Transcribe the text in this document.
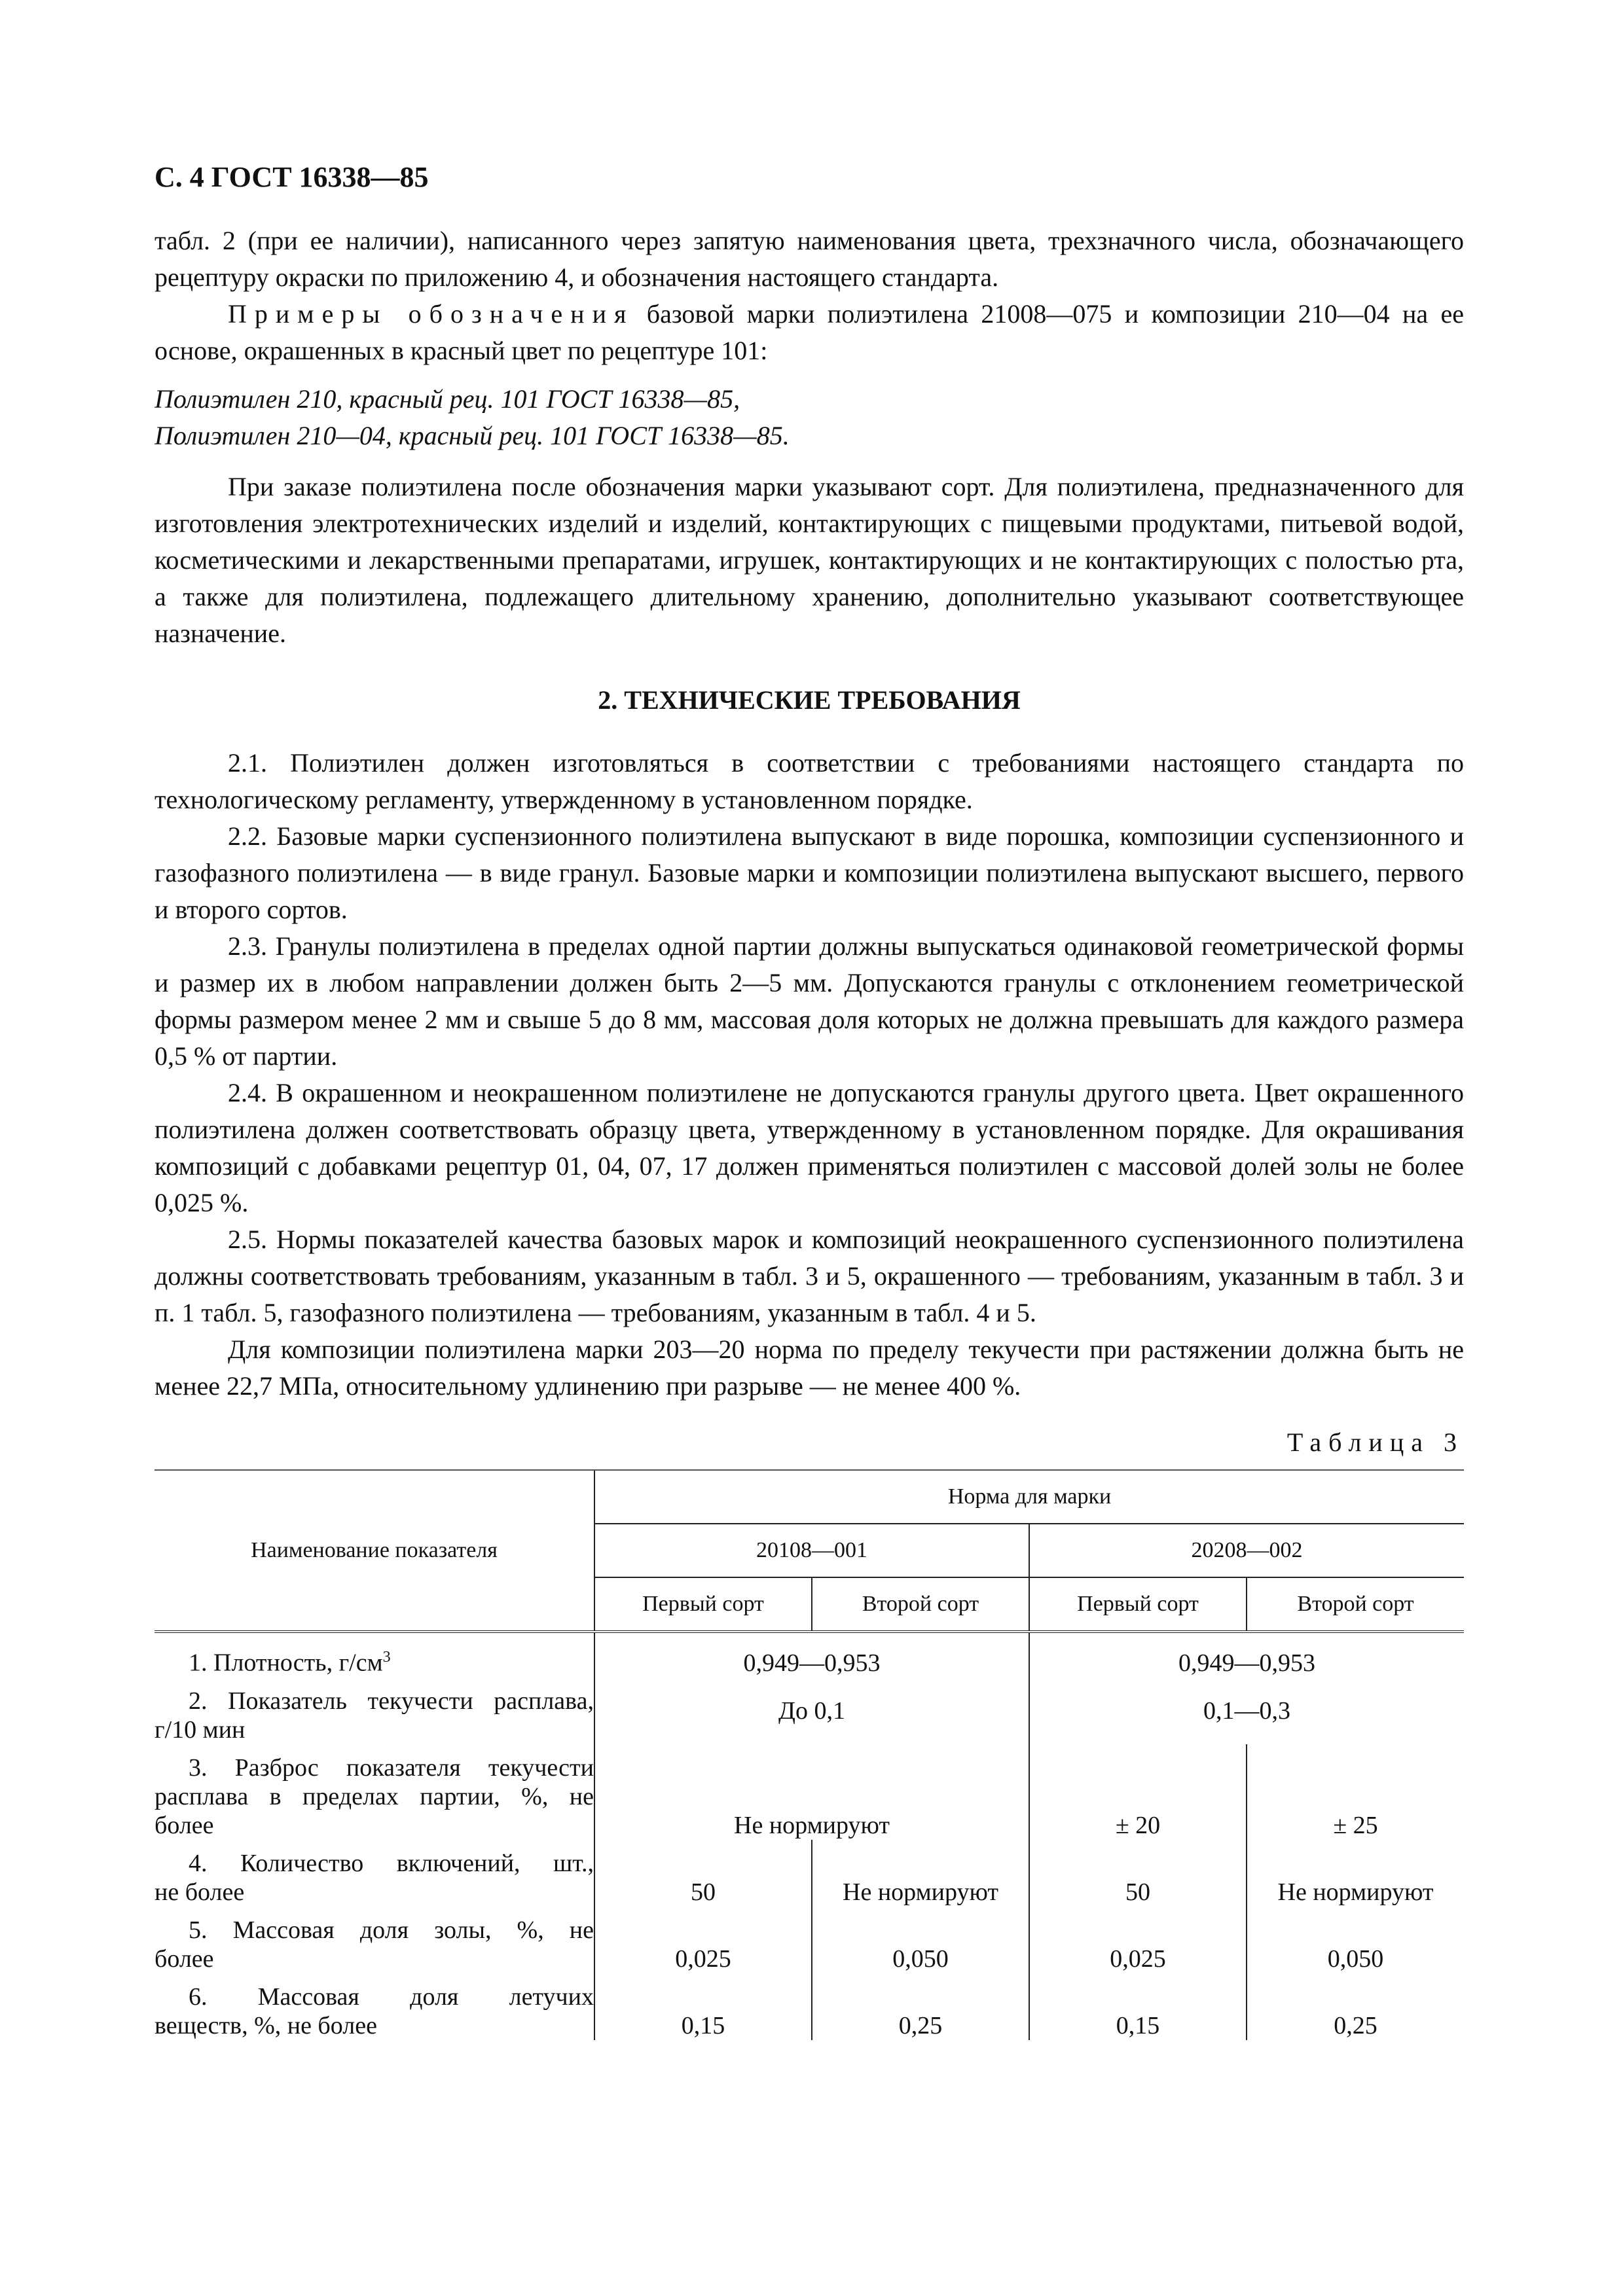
С. 4 ГОСТ 16338—85

табл. 2 (при ее наличии), написанного через запятую наименования цвета, трехзначного числа, обозначающего рецептуру окраски по приложению 4, и обозначения настоящего стандарта.

Примеры обозначения базовой марки полиэтилена 21008—075 и композиции 210—04 на ее основе, окрашенных в красный цвет по рецептуре 101:

Полиэтилен 210, красный рец. 101 ГОСТ 16338—85,

Полиэтилен 210—04, красный рец. 101 ГОСТ 16338—85.

При заказе полиэтилена после обозначения марки указывают сорт. Для полиэтилена, предназначенного для изготовления электротехнических изделий и изделий, контактирующих с пищевыми продуктами, питьевой водой, косметическими и лекарственными препаратами, игрушек, контактирующих и не контактирующих с полостью рта, а также для полиэтилена, подлежащего длительному хранению, дополнительно указывают соответствующее назначение.

2. ТЕХНИЧЕСКИЕ ТРЕБОВАНИЯ

2.1. Полиэтилен должен изготовляться в соответствии с требованиями настоящего стандарта по технологическому регламенту, утвержденному в установленном порядке.

2.2. Базовые марки суспензионного полиэтилена выпускают в виде порошка, композиции суспензионного и газофазного полиэтилена — в виде гранул. Базовые марки и композиции полиэтилена выпускают высшего, первого и второго сортов.

2.3. Гранулы полиэтилена в пределах одной партии должны выпускаться одинаковой геометрической формы и размер их в любом направлении должен быть 2—5 мм. Допускаются гранулы с отклонением геометрической формы размером менее 2 мм и свыше 5 до 8 мм, массовая доля которых не должна превышать для каждого размера 0,5 % от партии.

2.4. В окрашенном и неокрашенном полиэтилене не допускаются гранулы другого цвета. Цвет окрашенного полиэтилена должен соответствовать образцу цвета, утвержденному в установленном порядке. Для окрашивания композиций с добавками рецептур 01, 04, 07, 17 должен применяться полиэтилен с массовой долей золы не более 0,025 %.

2.5. Нормы показателей качества базовых марок и композиций неокрашенного суспензионного полиэтилена должны соответствовать требованиям, указанным в табл. 3 и 5, окрашенного — требованиям, указанным в табл. 3 и п. 1 табл. 5, газофазного полиэтилена — требованиям, указанным в табл. 4 и 5.

Для композиции полиэтилена марки 203—20 норма по пределу текучести при растяжении должна быть не менее 22,7 МПа, относительному удлинению при разрыве — не менее 400 %.

Таблица 3
Наименование показателя	Норма для марки			
	20108—001		20208—002	
	Первый сорт	Второй сорт	Первый сорт	Второй сорт
1. Плотность, $г/см^3$	0,949—0,953		0,949—0,953	
2. Показатель текучести расплава,
г/10 мин	До 0,1		0,1—0,3	
3. Разброс показателя текучести
расплава в пределах партии, %, не
более	Не нормируют		± 20	± 25
4. Количество включений, шт.,
не более	50	Не нормируют	50	Не нормируют
5. Массовая доля золы, %, не
более	0,025	0,050	0,025	0,050
6. Массовая доля летучих
веществ, %, не более	0,15	0,25	0,15	0,25
